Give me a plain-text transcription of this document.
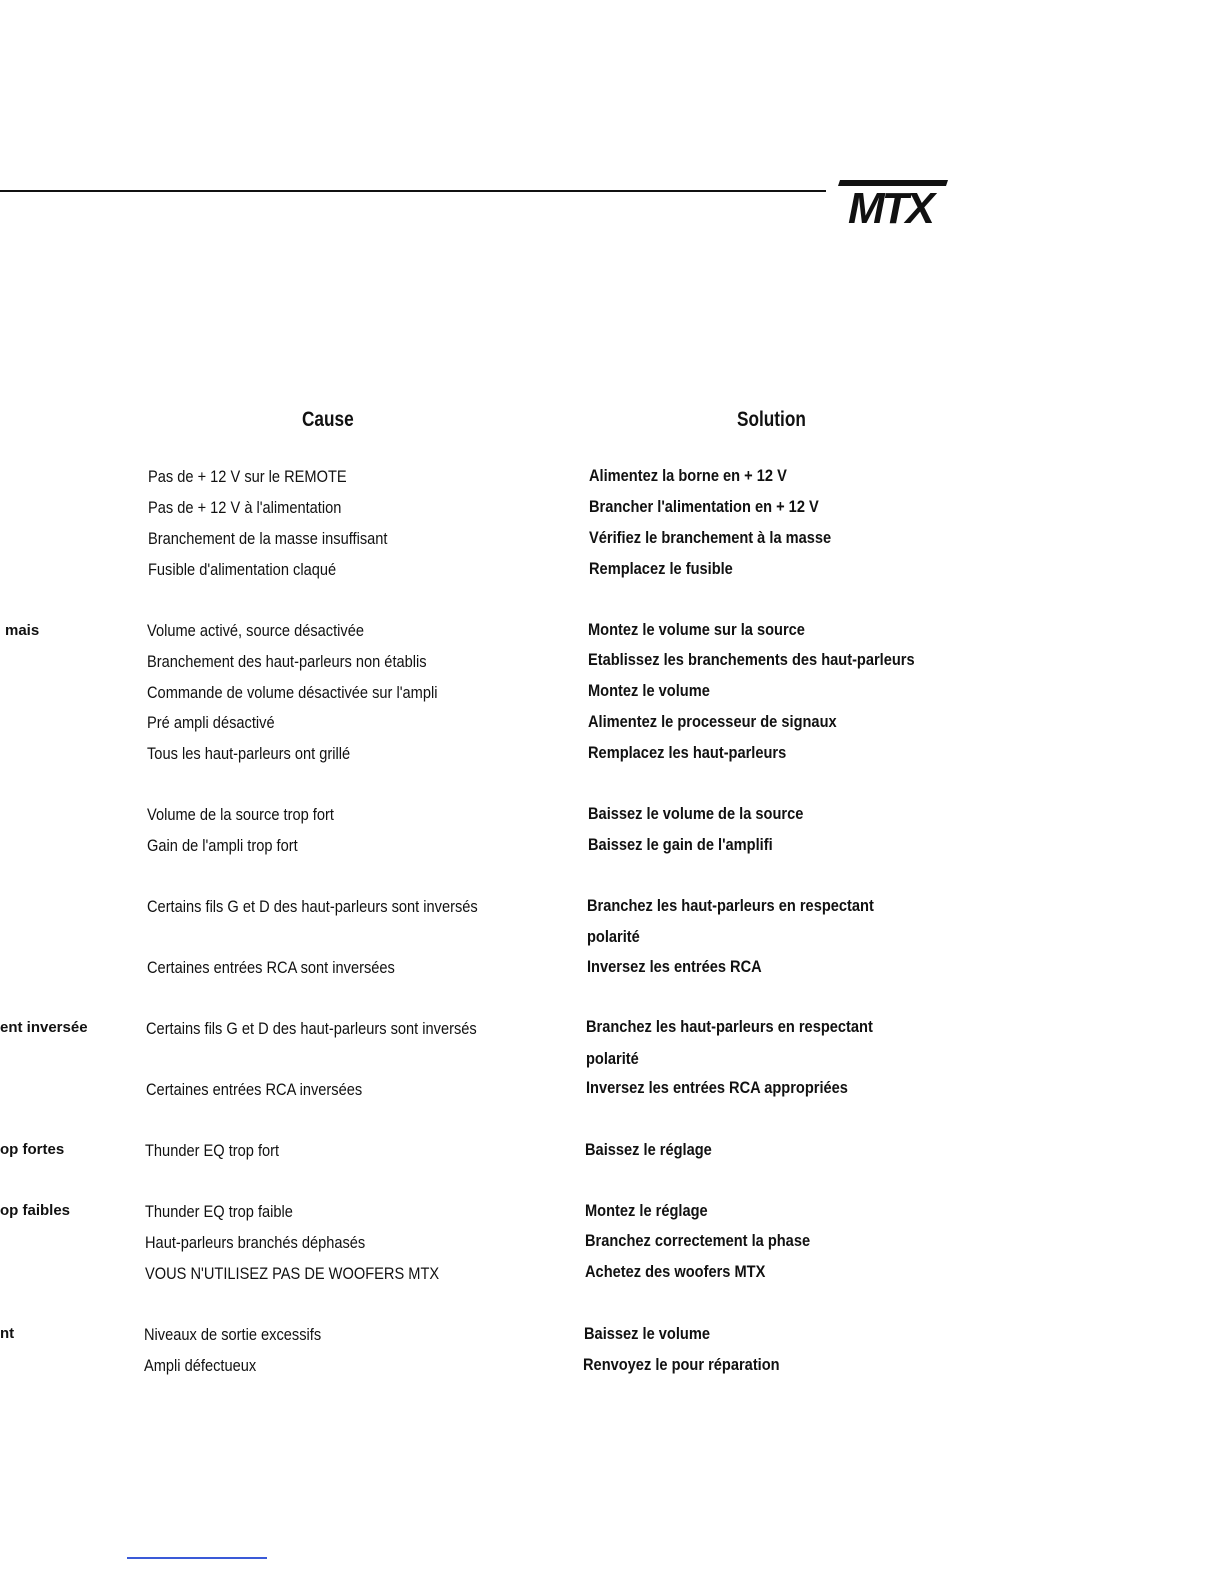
MTX
Cause	Solution
mais
ent inversée
op fortes
op faibles
nt
Pas de + 12 V sur le REMOTE
Pas de + 12 V à l'alimentation
Branchement de la masse insuffisant
Fusible d'alimentation claqué
Volume activé, source désactivée
Branchement des haut-parleurs non établis
Commande de volume désactivée sur l'ampli
Pré ampli désactivé
Tous les haut-parleurs ont grillé
Volume de la source trop fort
Gain de l'ampli trop fort
Certains fils G et D des haut-parleurs sont inversés
Certaines entrées RCA sont inversées
Certains fils G et D des haut-parleurs sont inversés
Certaines entrées RCA inversées
Thunder EQ trop fort
Thunder EQ trop faible
Haut-parleurs branchés déphasés
VOUS N'UTILISEZ PAS DE WOOFERS MTX
Niveaux de sortie excessifs
Ampli défectueux
Alimentez la borne en + 12 V
Brancher l'alimentation en + 12 V
Vérifiez le branchement à la masse
Remplacez le fusible
Montez le volume sur la source
Etablissez les branchements des haut-parleurs
Montez le volume
Alimentez le processeur de signaux
Remplacez les haut-parleurs
Baissez le volume de la source
Baissez le gain de l'amplifi
Branchez les haut-parleurs en respectant
polarité
Inversez les entrées RCA
Branchez les haut-parleurs en respectant
polarité
Inversez les entrées RCA appropriées
Baissez le réglage
Montez le réglage
Branchez correctement la phase
Achetez des woofers MTX
Baissez le volume
Renvoyez le pour réparation
